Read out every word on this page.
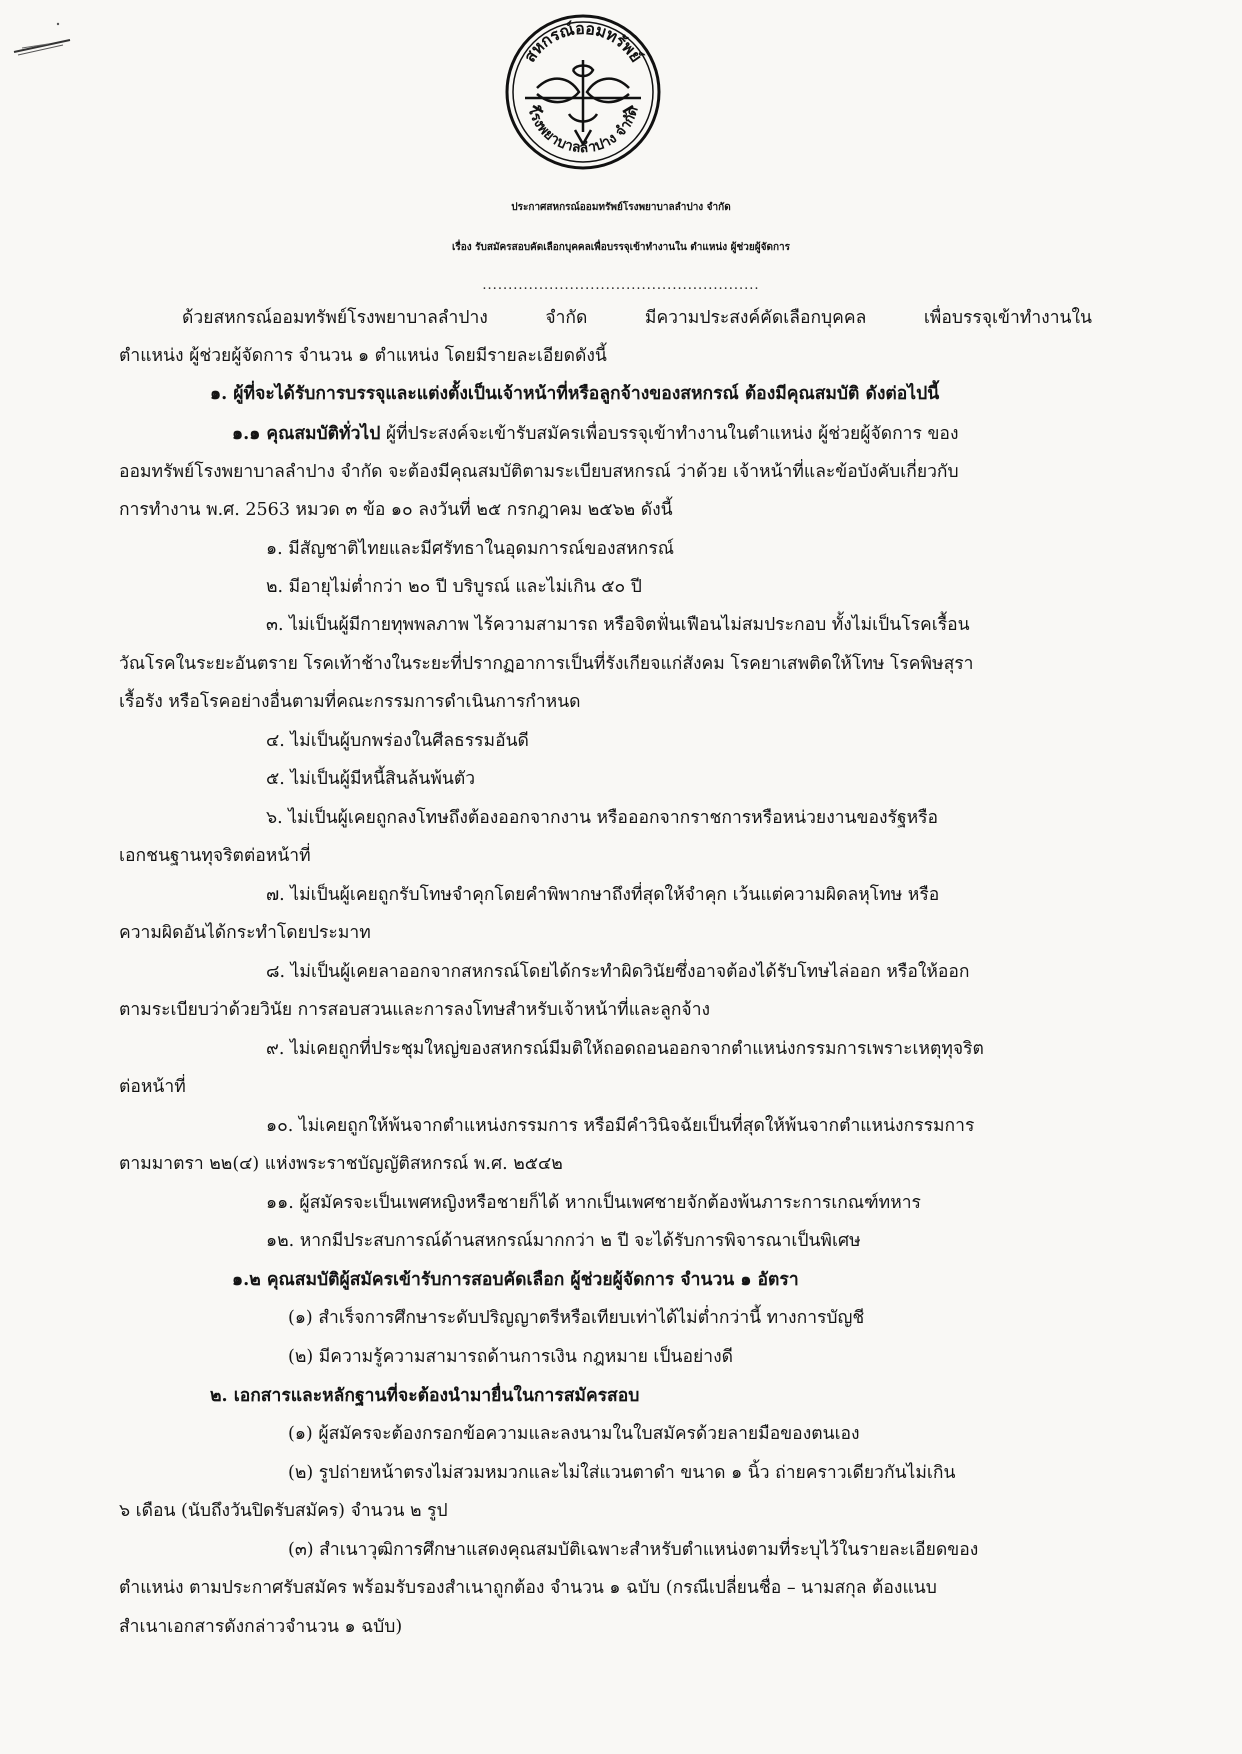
สหกรณ์ออมทรัพย์
โรงพยาบาลลำปาง จำกัด
ประกาศสหกรณ์ออมทรัพย์โรงพยาบาลลำปาง จำกัด
เรื่อง รับสมัครสอบคัดเลือกบุคคลเพื่อบรรจุเข้าทำงานใน ตำแหน่ง ผู้ช่วยผู้จัดการ
......................................................
ด้วยสหกรณ์ออมทรัพย์โรงพยาบาลลำปาง จำกัด มีความประสงค์คัดเลือกบุคคล เพื่อบรรจุเข้าทำงานใน
ตำแหน่ง ผู้ช่วยผู้จัดการ จำนวน ๑ ตำแหน่ง โดยมีรายละเอียดดังนี้
๑. ผู้ที่จะได้รับการบรรจุและแต่งตั้งเป็นเจ้าหน้าที่หรือลูกจ้างของสหกรณ์ ต้องมีคุณสมบัติ ดังต่อไปนี้
๑.๑ คุณสมบัติทั่วไป ผู้ที่ประสงค์จะเข้ารับสมัครเพื่อบรรจุเข้าทำงานในตำแหน่ง ผู้ช่วยผู้จัดการ ของ
ออมทรัพย์โรงพยาบาลลำปาง จำกัด จะต้องมีคุณสมบัติตามระเบียบสหกรณ์ ว่าด้วย เจ้าหน้าที่และข้อบังคับเกี่ยวกับ
การทำงาน พ.ศ. 2563 หมวด ๓ ข้อ ๑๐ ลงวันที่ ๒๕ กรกฎาคม ๒๕๖๒ ดังนี้
๑. มีสัญชาติไทยและมีศรัทธาในอุดมการณ์ของสหกรณ์
๒. มีอายุไม่ต่ำกว่า ๒๐ ปี บริบูรณ์ และไม่เกิน ๕๐ ปี
๓. ไม่เป็นผู้มีกายทุพพลภาพ ไร้ความสามารถ หรือจิตฟั่นเฟือนไม่สมประกอบ ทั้งไม่เป็นโรคเรื้อน
วัณโรคในระยะอันตราย โรคเท้าช้างในระยะที่ปรากฏอาการเป็นที่รังเกียจแก่สังคม โรคยาเสพติดให้โทษ โรคพิษสุรา
เรื้อรัง หรือโรคอย่างอื่นตามที่คณะกรรมการดำเนินการกำหนด
๔. ไม่เป็นผู้บกพร่องในศีลธรรมอันดี
๕. ไม่เป็นผู้มีหนี้สินล้นพ้นตัว
๖. ไม่เป็นผู้เคยถูกลงโทษถึงต้องออกจากงาน หรือออกจากราชการหรือหน่วยงานของรัฐหรือ
เอกชนฐานทุจริตต่อหน้าที่
๗. ไม่เป็นผู้เคยถูกรับโทษจำคุกโดยคำพิพากษาถึงที่สุดให้จำคุก เว้นแต่ความผิดลหุโทษ หรือ
ความผิดอันได้กระทำโดยประมาท
๘. ไม่เป็นผู้เคยลาออกจากสหกรณ์โดยได้กระทำผิดวินัยซึ่งอาจต้องได้รับโทษไล่ออก หรือให้ออก
ตามระเบียบว่าด้วยวินัย การสอบสวนและการลงโทษสำหรับเจ้าหน้าที่และลูกจ้าง
๙. ไม่เคยถูกที่ประชุมใหญ่ของสหกรณ์มีมติให้ถอดถอนออกจากตำแหน่งกรรมการเพราะเหตุทุจริต
ต่อหน้าที่
๑๐. ไม่เคยถูกให้พ้นจากตำแหน่งกรรมการ หรือมีคำวินิจฉัยเป็นที่สุดให้พ้นจากตำแหน่งกรรมการ
ตามมาตรา ๒๒(๔) แห่งพระราชบัญญัติสหกรณ์ พ.ศ. ๒๕๔๒
๑๑. ผู้สมัครจะเป็นเพศหญิงหรือชายก็ได้ หากเป็นเพศชายจักต้องพ้นภาระการเกณฑ์ทหาร
๑๒. หากมีประสบการณ์ด้านสหกรณ์มากกว่า ๒ ปี จะได้รับการพิจารณาเป็นพิเศษ
๑.๒ คุณสมบัติผู้สมัครเข้ารับการสอบคัดเลือก ผู้ช่วยผู้จัดการ จำนวน ๑ อัตรา
(๑) สำเร็จการศึกษาระดับปริญญาตรีหรือเทียบเท่าได้ไม่ต่ำกว่านี้ ทางการบัญชี
(๒) มีความรู้ความสามารถด้านการเงิน กฎหมาย เป็นอย่างดี
๒. เอกสารและหลักฐานที่จะต้องนำมายื่นในการสมัครสอบ
(๑) ผู้สมัครจะต้องกรอกข้อความและลงนามในใบสมัครด้วยลายมือของตนเอง
(๒) รูปถ่ายหน้าตรงไม่สวมหมวกและไม่ใส่แวนตาดำ ขนาด ๑ นิ้ว ถ่ายคราวเดียวกันไม่เกิน
๖ เดือน (นับถึงวันปิดรับสมัคร) จำนวน ๒ รูป
(๓) สำเนาวุฒิการศึกษาแสดงคุณสมบัติเฉพาะสำหรับตำแหน่งตามที่ระบุไว้ในรายละเอียดของ
ตำแหน่ง ตามประกาศรับสมัคร พร้อมรับรองสำเนาถูกต้อง จำนวน ๑ ฉบับ (กรณีเปลี่ยนชื่อ – นามสกุล ต้องแนบ
สำเนาเอกสารดังกล่าวจำนวน ๑ ฉบับ)
